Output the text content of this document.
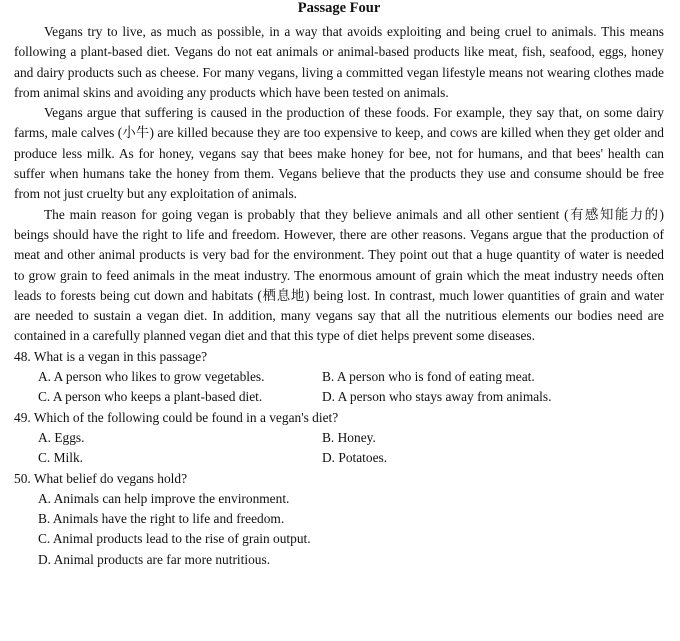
Passage Four

Vegans try to live, as much as possible, in a way that avoids exploiting and being cruel to animals. This means following a plant-based diet. Vegans do not eat animals or animal-based products like meat, fish, seafood, eggs, honey and dairy products such as cheese. For many vegans, living a committed vegan lifestyle means not wearing clothes made from animal skins and avoiding any products which have been tested on animals.

Vegans argue that suffering is caused in the production of these foods. For example, they say that, on some dairy farms, male calves (小牛) are killed because they are too expensive to keep, and cows are killed when they get older and produce less milk. As for honey, vegans say that bees make honey for bee, not for humans, and that bees' health can suffer when humans take the honey from them. Vegans believe that the products they use and consume should be free from not just cruelty but any exploitation of animals.

The main reason for going vegan is probably that they believe animals and all other sentient (有感知能力的) beings should have the right to life and freedom. However, there are other reasons. Vegans argue that the production of meat and other animal products is very bad for the environment. They point out that a huge quantity of water is needed to grow grain to feed animals in the meat industry. The enormous amount of grain which the meat industry needs often leads to forests being cut down and habitats (栖息地) being lost. In contrast, much lower quantities of grain and water are needed to sustain a vegan diet. In addition, many vegans say that all the nutritious elements our bodies need are contained in a carefully planned vegan diet and that this type of diet helps prevent some diseases.

48. What is a vegan in this passage?
A. A person who likes to grow vegetables.	B. A person who is fond of eating meat.
C. A person who keeps a plant-based diet.	D. A person who stays away from animals.
49. Which of the following could be found in a vegan's diet?
A. Eggs.	B. Honey.
C. Milk.	D. Potatoes.
50. What belief do vegans hold?
A. Animals can help improve the environment.
B. Animals have the right to life and freedom.
C. Animal products lead to the rise of grain output.
D. Animal products are far more nutritious.
